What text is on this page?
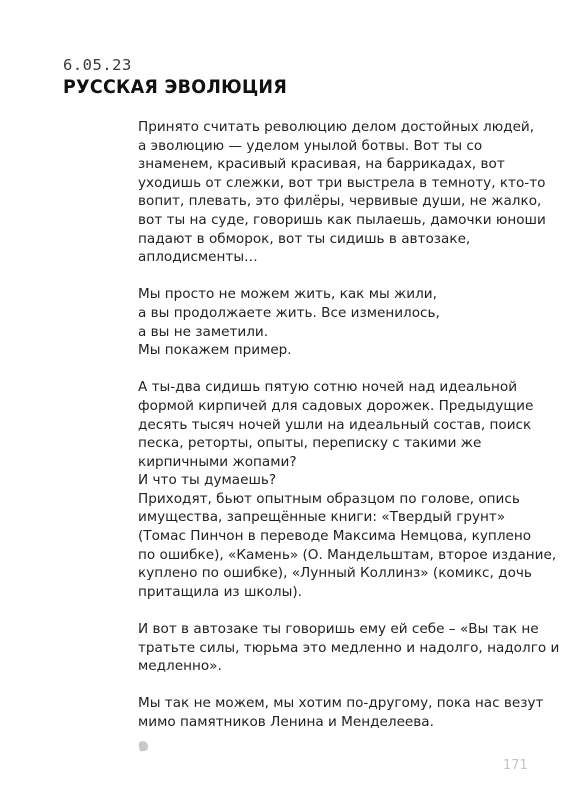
6.05.23
РУССКАЯ ЭВОЛЮЦИЯ

Принято считать революцию делом достойных людей,
а эволюцию — уделом унылой ботвы. Вот ты со
знаменем, красивый красивая, на баррикадах, вот
уходишь от слежки, вот три выстрела в темноту, кто-то
вопит, плевать, это филёры, червивые души, не жалко,
вот ты на суде, говоришь как пылаешь, дамочки юноши
падают в обморок, вот ты сидишь в автозаке,
аплодисменты…

Мы просто не можем жить, как мы жили,
а вы продолжаете жить. Все изменилось,
а вы не заметили.
Мы покажем пример.

А ты-два сидишь пятую сотню ночей над идеальной
формой кирпичей для садовых дорожек. Предыдущие
десять тысяч ночей ушли на идеальный состав, поиск
песка, реторты, опыты, переписку с такими же
кирпичными жопами?
И что ты думаешь?
Приходят, бьют опытным образцом по голове, опись
имущества, запрещённые книги: «Твердый грунт»
(Томас Пинчон в переводе Максима Немцова, куплено
по ошибке), «Камень» (О. Мандельштам, второе издание,
куплено по ошибке), «Лунный Коллинз» (комикс, дочь
притащила из школы).

И вот в автозаке ты говоришь ему ей себе – «Вы так не
тратьте силы, тюрьма это медленно и надолго, надолго и
медленно».

Мы так не можем, мы хотим по-другому, пока нас везут
мимо памятников Ленина и Менделеева.

171
